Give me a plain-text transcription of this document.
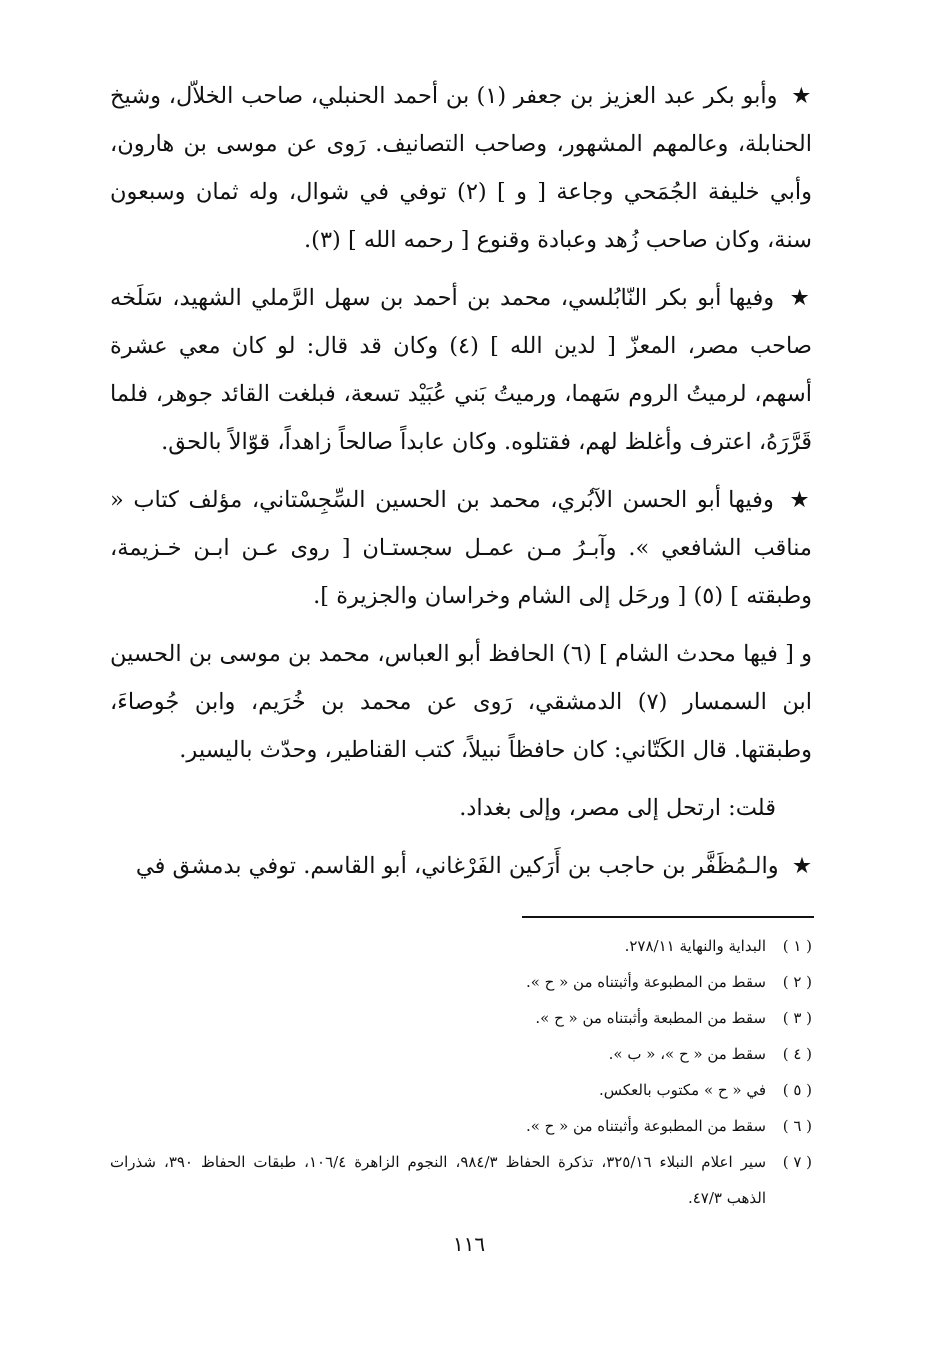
★ وأبو بكر عبد العزيز بن جعفر (١) بن أحمد الحنبلي، صاحب الخلاّل، وشيخ الحنابلة، وعالمهم المشهور، وصاحب التصانيف. رَوى عن موسى بن هارون، وأبي خليفة الجُمَحي وجاعة [ و ] (٢) توفي في شوال، وله ثمان وسبعون سنة، وكان صاحب زُهد وعبادة وقنوع [ رحمه الله ] (٣).

★ وفيها أبو بكر النّابُلسي، محمد بن أحمد بن سهل الرَّملي الشهيد، سَلَخه صاحب مصر، المعزّ [ لدين الله ] (٤) وكان قد قال: لو كان معي عشرة أسهم، لرميتُ الروم سَهما، ورميتُ بَني عُبَيْد تسعة، فبلغت القائد جوهر، فلما قَرَّرَهُ، اعترف وأغلظ لهم، فقتلوه. وكان عابداً صالحاً زاهداً، قوّالاً بالحق.

★ وفيها أبو الحسن الآبُري، محمد بن الحسين السِّجِسْتاني، مؤلف كتاب « مناقب الشافعي ». وآبـرُ مـن عمـل سجستـان [ روى عـن ابـن خـزيمة، وطبقته ] (٥) [ ورحَل إلى الشام وخراسان والجزيرة ].

و [ فيها محدث الشام ] (٦) الحافظ أبو العباس، محمد بن موسى بن الحسين ابن السمسار (٧) الدمشقي، رَوى عن محمد بن خُرَيم، وابن جُوصاءَ، وطبقتها. قال الكَتّاني: كان حافظاً نبيلاً، كتب القناطير، وحدّث باليسير.

قلت: ارتحل إلى مصر، وإلى بغداد.

★ والـمُظَفَّر بن حاجب بن أَرَكين الفَرْغاني، أبو القاسم. توفي بدمشق في

( ١ )
البداية والنهاية ٢٧٨/١١.
( ٢ )
سقط من المطبوعة وأثبتناه من « ح ».
( ٣ )
سقط من المطبعة وأثبتناه من « ح ».
( ٤ )
سقط من « ح »، « ب ».
( ٥ )
في « ح » مكتوب بالعكس.
( ٦ )
سقط من المطبوعة وأثبتناه من « ح ».
( ٧ )
سير اعلام النبلاء ٣٢٥/١٦، تذكرة الحفاظ ٩٨٤/٣، النجوم الزاهرة ١٠٦/٤، طبقات الحفاظ ٣٩٠، شذرات الذهب ٤٧/٣.
١١٦
